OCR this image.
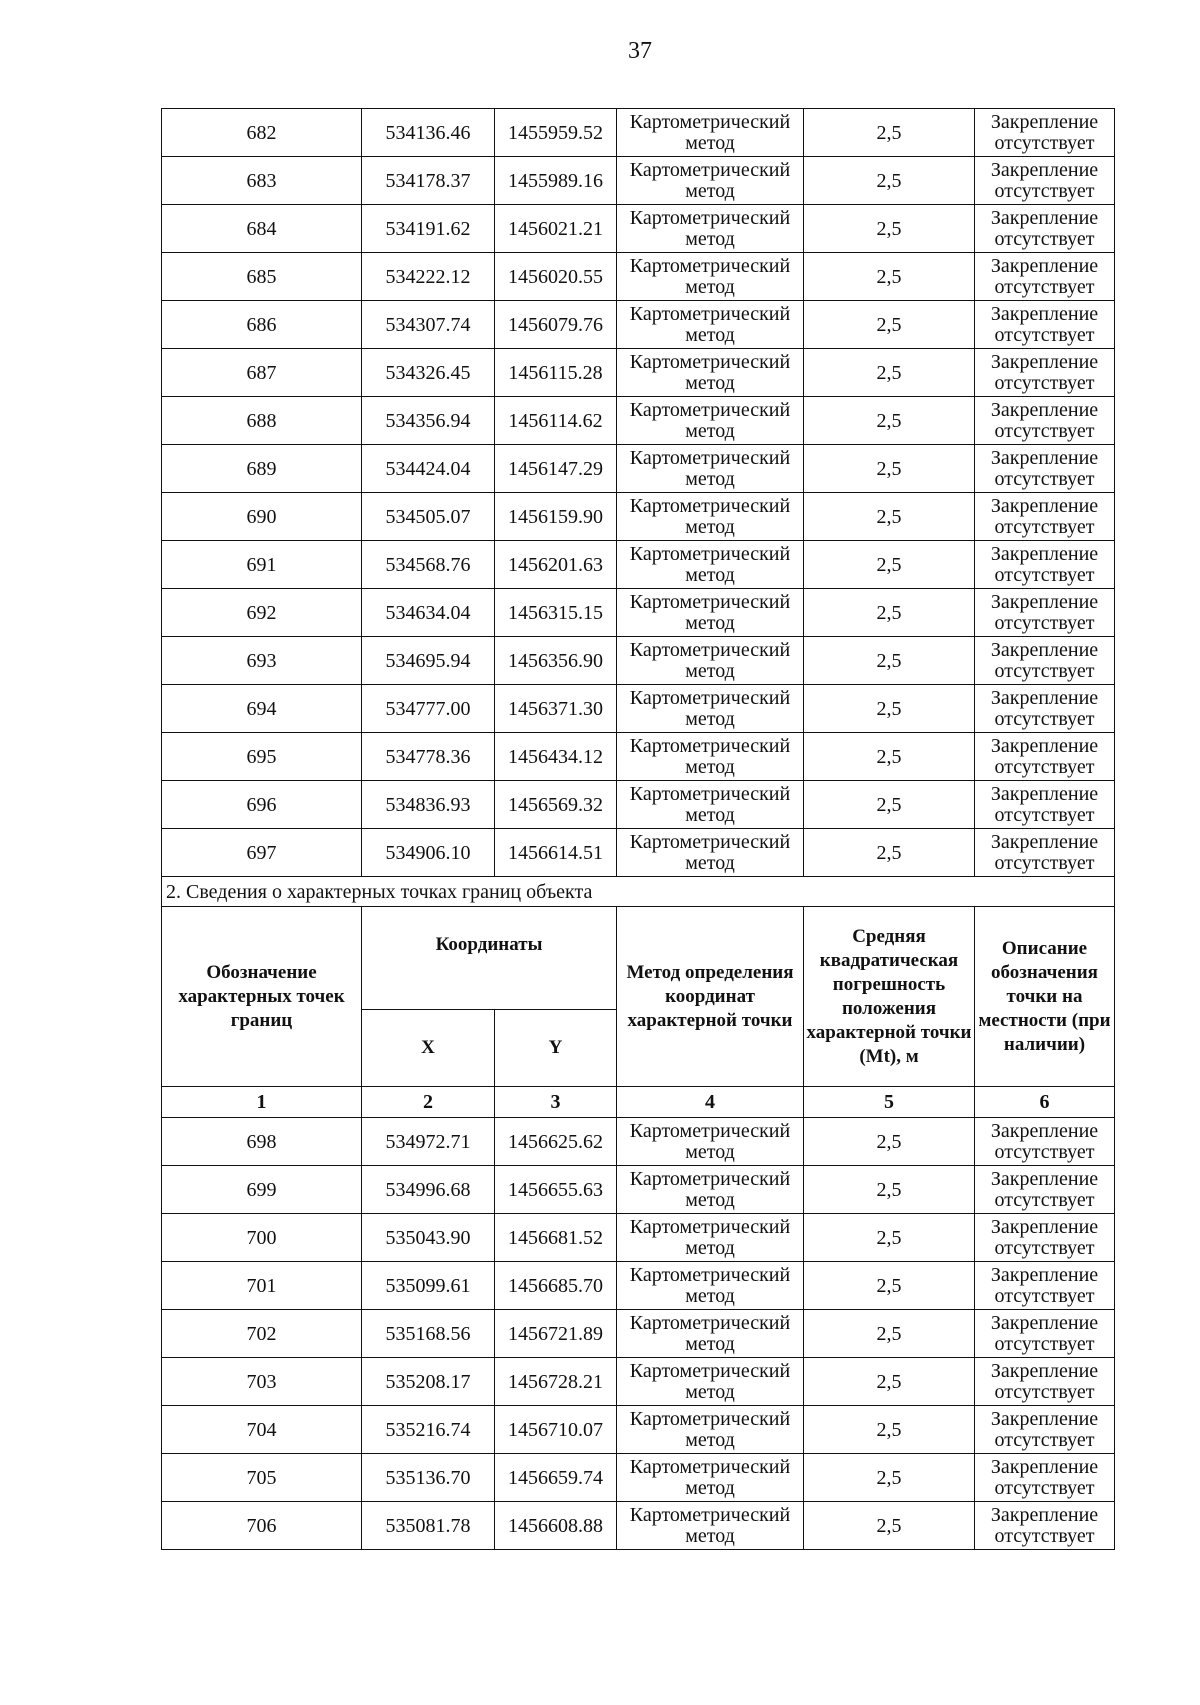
37
682	534136.46	1455959.52	Картометрический метод	2,5	Закрепление отсутствует
683	534178.37	1455989.16	Картометрический метод	2,5	Закрепление отсутствует
684	534191.62	1456021.21	Картометрический метод	2,5	Закрепление отсутствует
685	534222.12	1456020.55	Картометрический метод	2,5	Закрепление отсутствует
686	534307.74	1456079.76	Картометрический метод	2,5	Закрепление отсутствует
687	534326.45	1456115.28	Картометрический метод	2,5	Закрепление отсутствует
688	534356.94	1456114.62	Картометрический метод	2,5	Закрепление отсутствует
689	534424.04	1456147.29	Картометрический метод	2,5	Закрепление отсутствует
690	534505.07	1456159.90	Картометрический метод	2,5	Закрепление отсутствует
691	534568.76	1456201.63	Картометрический метод	2,5	Закрепление отсутствует
692	534634.04	1456315.15	Картометрический метод	2,5	Закрепление отсутствует
693	534695.94	1456356.90	Картометрический метод	2,5	Закрепление отсутствует
694	534777.00	1456371.30	Картометрический метод	2,5	Закрепление отсутствует
695	534778.36	1456434.12	Картометрический метод	2,5	Закрепление отсутствует
696	534836.93	1456569.32	Картометрический метод	2,5	Закрепление отсутствует
697	534906.10	1456614.51	Картометрический метод	2,5	Закрепление отсутствует
2. Сведения о характерных точках границ объекта					
Обозначение характерных точек границ	Координаты		Метод определения координат характерной точки	Средняя квадратическая погрешность положения характерной точки (Mt), м	Описание обозначения точки на местности (при наличии)
	X	Y			
1	2	3	4	5	6
698	534972.71	1456625.62	Картометрический метод	2,5	Закрепление отсутствует
699	534996.68	1456655.63	Картометрический метод	2,5	Закрепление отсутствует
700	535043.90	1456681.52	Картометрический метод	2,5	Закрепление отсутствует
701	535099.61	1456685.70	Картометрический метод	2,5	Закрепление отсутствует
702	535168.56	1456721.89	Картометрический метод	2,5	Закрепление отсутствует
703	535208.17	1456728.21	Картометрический метод	2,5	Закрепление отсутствует
704	535216.74	1456710.07	Картометрический метод	2,5	Закрепление отсутствует
705	535136.70	1456659.74	Картометрический метод	2,5	Закрепление отсутствует
706	535081.78	1456608.88	Картометрический метод	2,5	Закрепление отсутствует
